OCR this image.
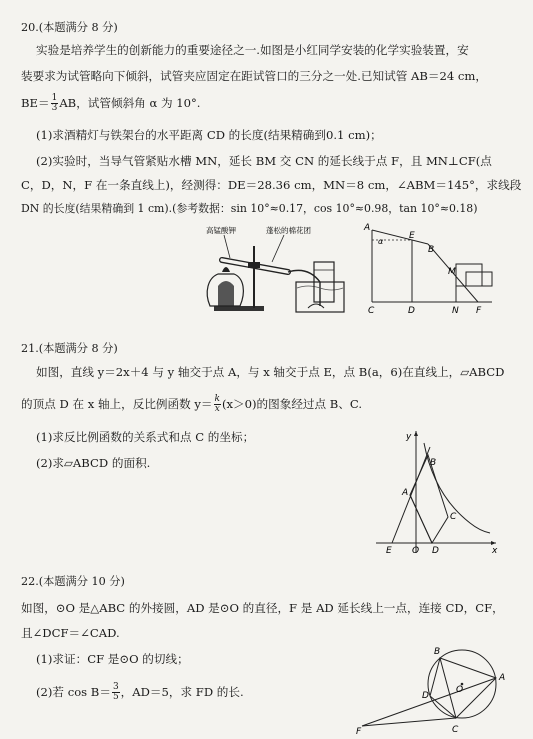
20.(本题满分 8 分)
实验是培养学生的创新能力的重要途径之一.如图是小红同学安装的化学实验装置，安
装要求为试管略向下倾斜，试管夹应固定在距试管口的三分之一处.已知试管 AB＝24 cm，
$BE= \frac{1}{3}$ AB，试管倾斜角 α 为 10°.
(1)求酒精灯与铁架台的水平距离 CD 的长度(结果精确到0.1 cm)；
(2)实验时，当导气管紧贴水槽 MN，延长 BM 交 CN 的延长线于点 F，且 MN⊥CF(点
C，D，N，F 在一条直线上)，经测得：DE＝28.36 cm，MN＝8 cm，∠ABM＝145°，求线段
DN 的长度(结果精确到 1 cm).(参考数据：sin 10°≈0.17，cos 10°≈0.98，tan 10°≈0.18)
高锰酸钾	蓬松的棉花团	A
α
E
B
M
C	D	N F
21.(本题满分 8 分)
如图，直线 y＝2x＋4 与 y 轴交于点 A，与 x 轴交于点 E，点 B(a，6)在直线上，▱ABCD
的顶点 D 在 x 轴上，反比例函数 $y= \frac{k}{x} (x>0)$的图象经过点 B、C.
(1)求反比例函数的关系式和点 C 的坐标；
(2)求▱ABCD 的面积.
y
x
B
A
C
E O D
22.(本题满分 10 分)
如图，⊙O 是△ABC 的外接圆，AD 是⊙O 的直径，F 是 AD 延长线上一点，连接 CD，CF，
且∠DCF＝∠CAD.
(1)求证：CF 是⊙O 的切线；
(2)若 $\cos B= \frac{3}{5}$ ，AD＝5，求 FD 的长.
B
A
O
D
F	C
